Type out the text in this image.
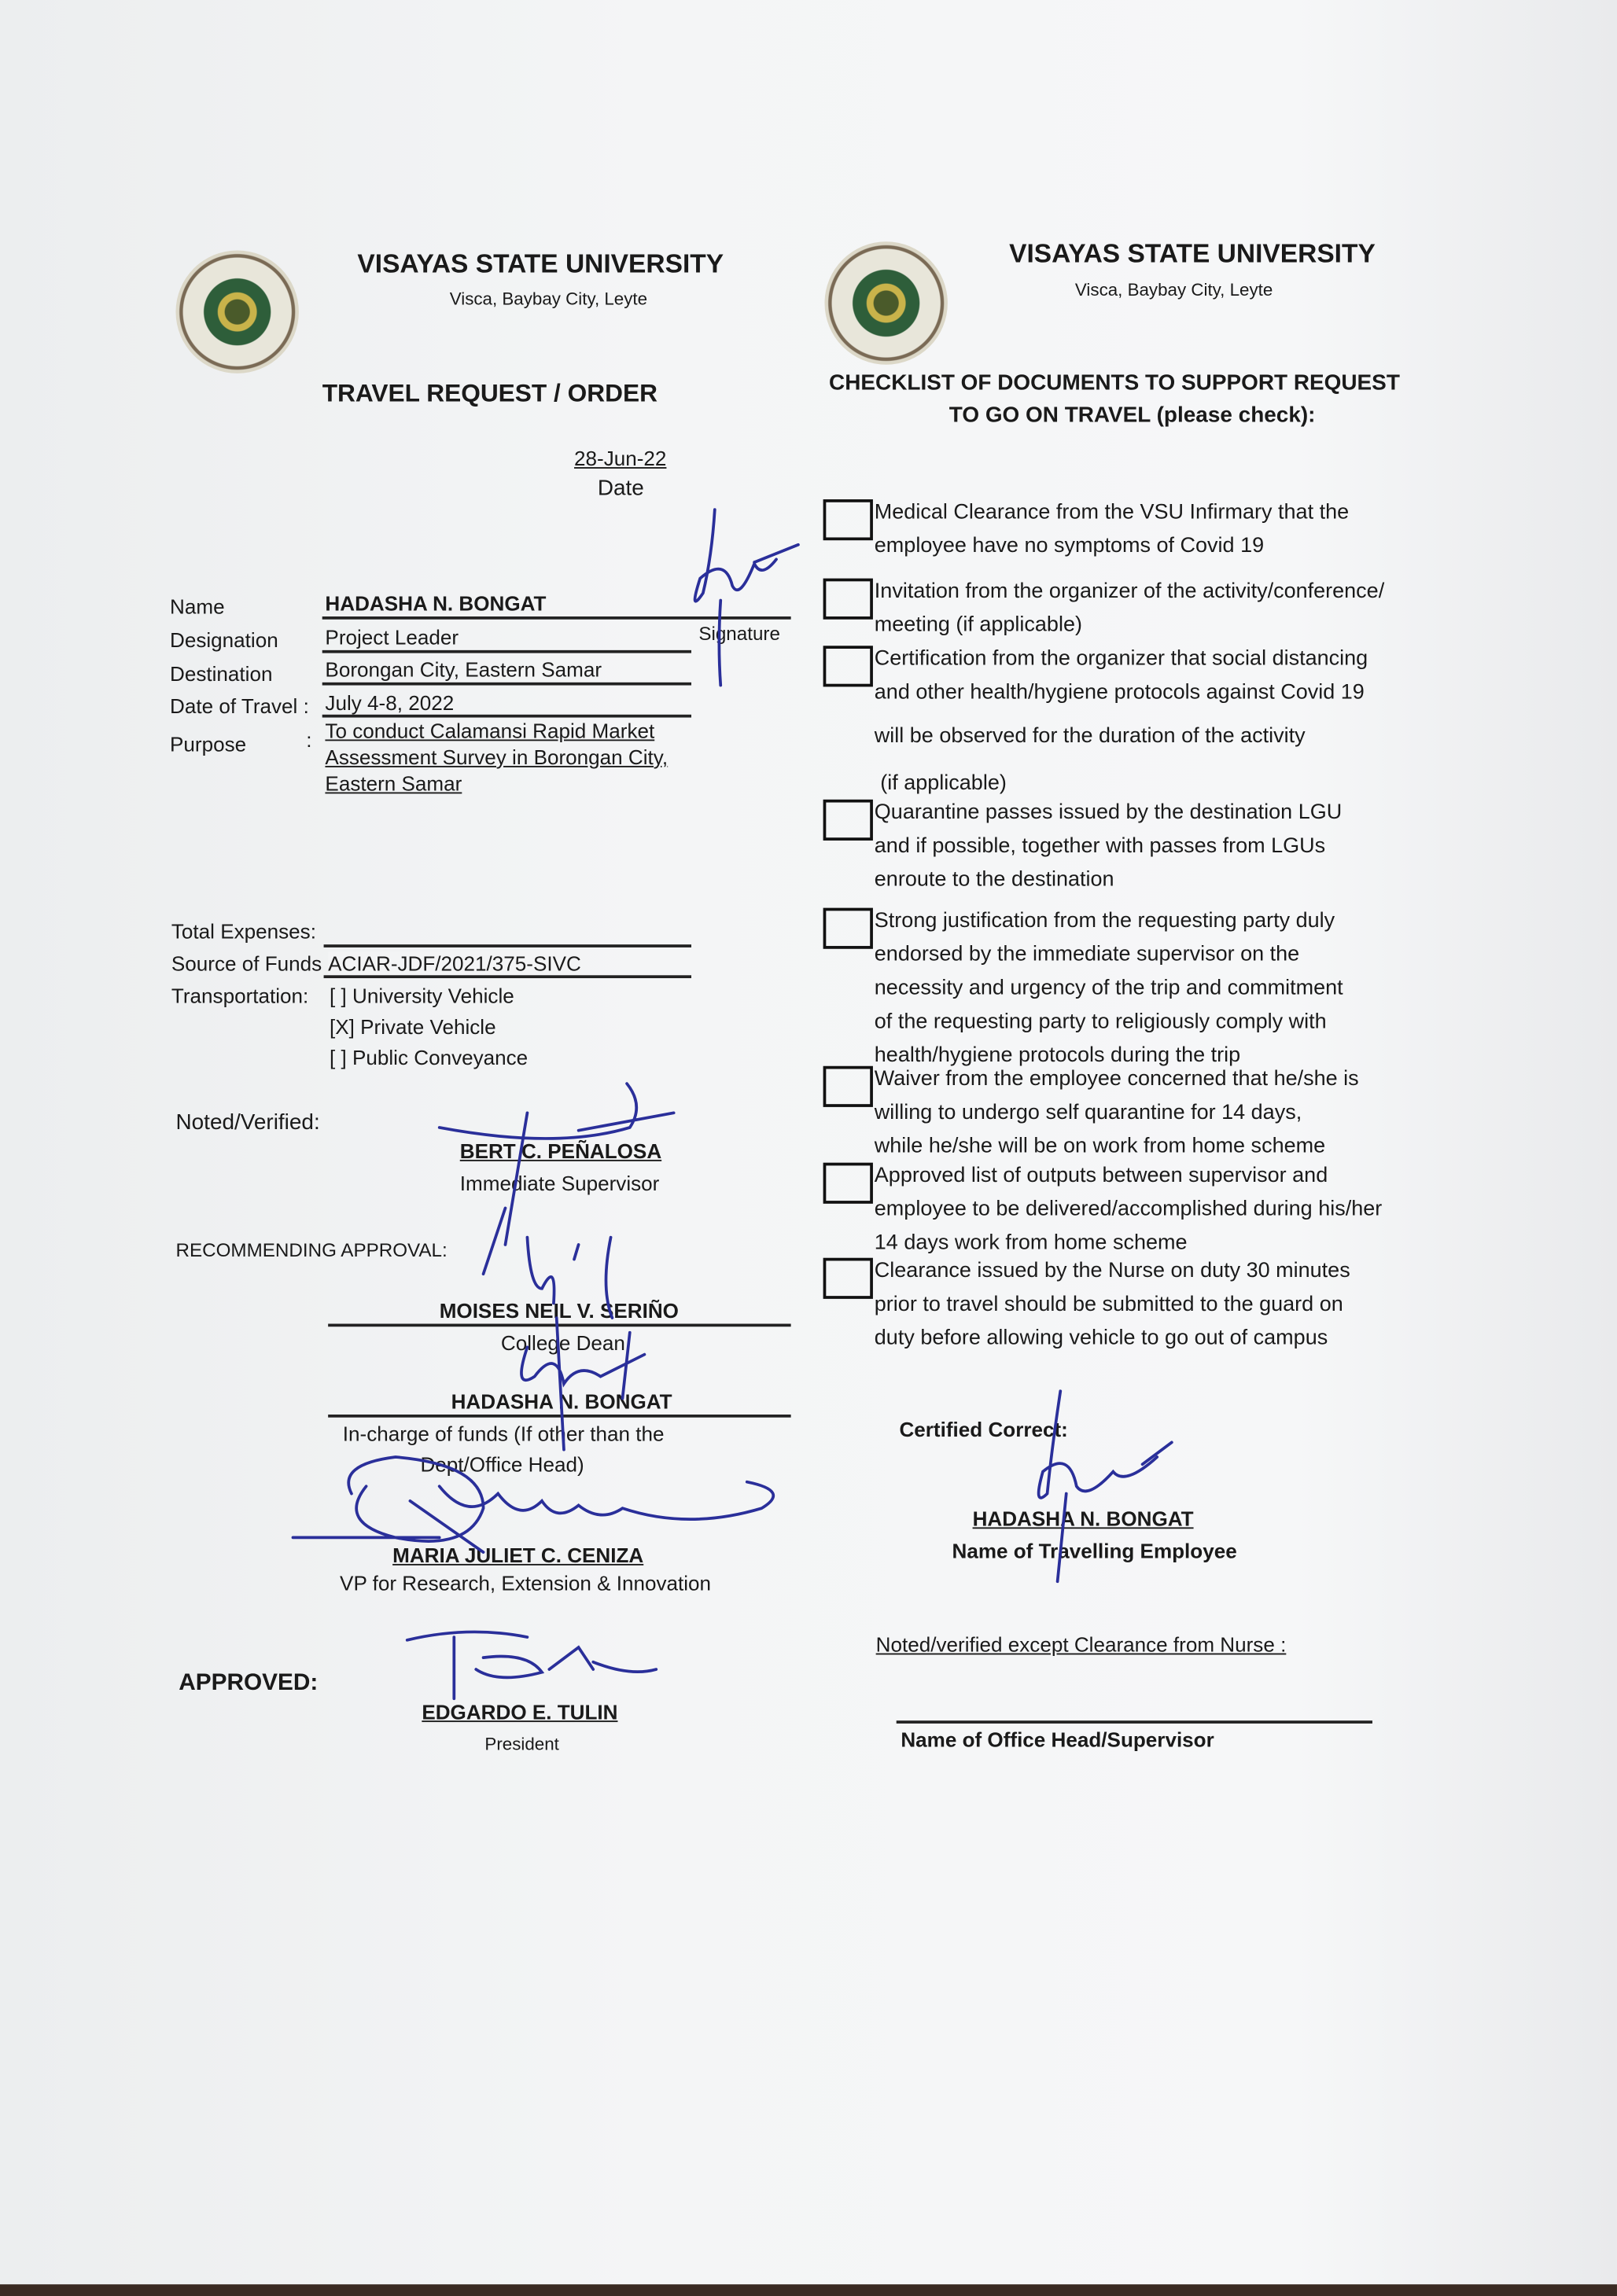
VISAYAS STATE UNIVERSITY
Visca, Baybay City, Leyte
TRAVEL REQUEST / ORDER
28-Jun-22
Date
Name	HADASHA N. BONGAT
Signature
Designation	Project Leader
Destination	Borongan City, Eastern Samar
Date of Travel : July 4-8, 2022
Purpose	: To conduct Calamansi Rapid Market
Assessment Survey in Borongan City,
Eastern Samar
Total Expenses:
Source of Funds ACIAR-JDF/2021/375-SIVC
Transportation: [ ] University Vehicle
[X] Private Vehicle
[ ] Public Conveyance
Noted/Verified:
BERT C. PEÑALOSA
Immediate Supervisor
RECOMMENDING APPROVAL:
MOISES NEIL V. SERIÑO
College Dean
HADASHA N. BONGAT
In-charge of funds (If other than the
Dept/Office Head)
MARIA JULIET C. CENIZA
VP for Research, Extension & Innovation
APPROVED:
EDGARDO E. TULIN
President
VISAYAS STATE UNIVERSITY
Visca, Baybay City, Leyte
CHECKLIST OF DOCUMENTS TO SUPPORT REQUEST
TO GO ON TRAVEL (please check):
Medical Clearance from the VSU Infirmary that the
employee have no symptoms of Covid 19
Invitation from the organizer of the activity/conference/
meeting (if applicable)
Certification from the organizer that social distancing
and other health/hygiene protocols against Covid 19
will be observed for the duration of the activity
(if applicable)
Quarantine passes issued by the destination LGU
and if possible, together with passes from LGUs
enroute to the destination
Strong justification from the requesting party duly
endorsed by the immediate supervisor on the
necessity and urgency of the trip and commitment
of the requesting party to religiously comply with
health/hygiene protocols during the trip
Waiver from the employee concerned that he/she is
willing to undergo self quarantine for 14 days,
while he/she will be on work from home scheme
Approved list of outputs between supervisor and
employee to be delivered/accomplished during his/her
14 days work from home scheme
Clearance issued by the Nurse on duty 30 minutes
prior to travel should be submitted to the guard on
duty before allowing vehicle to go out of campus
Certified Correct:
HADASHA N. BONGAT
Name of Travelling Employee
Noted/verified except Clearance from Nurse :
Name of Office Head/Supervisor
